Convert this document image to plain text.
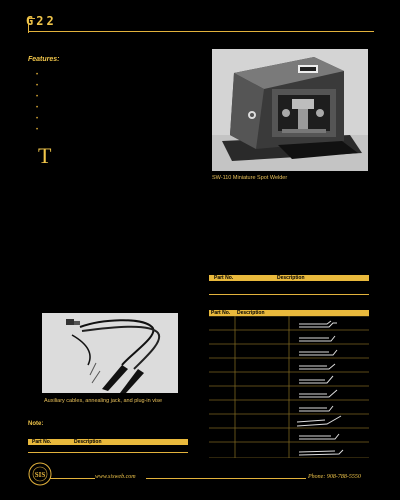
G22
Features:
•
•
•
•
•
•
T
SW-110 Miniature Spot Welder
Part No.	Description
Part No. Description
Auxiliary cables, annealing jack, and plug-in vise
Note:
Part No.	Description
SIS	www.sisweb.com	Phone: 908-788-5550
